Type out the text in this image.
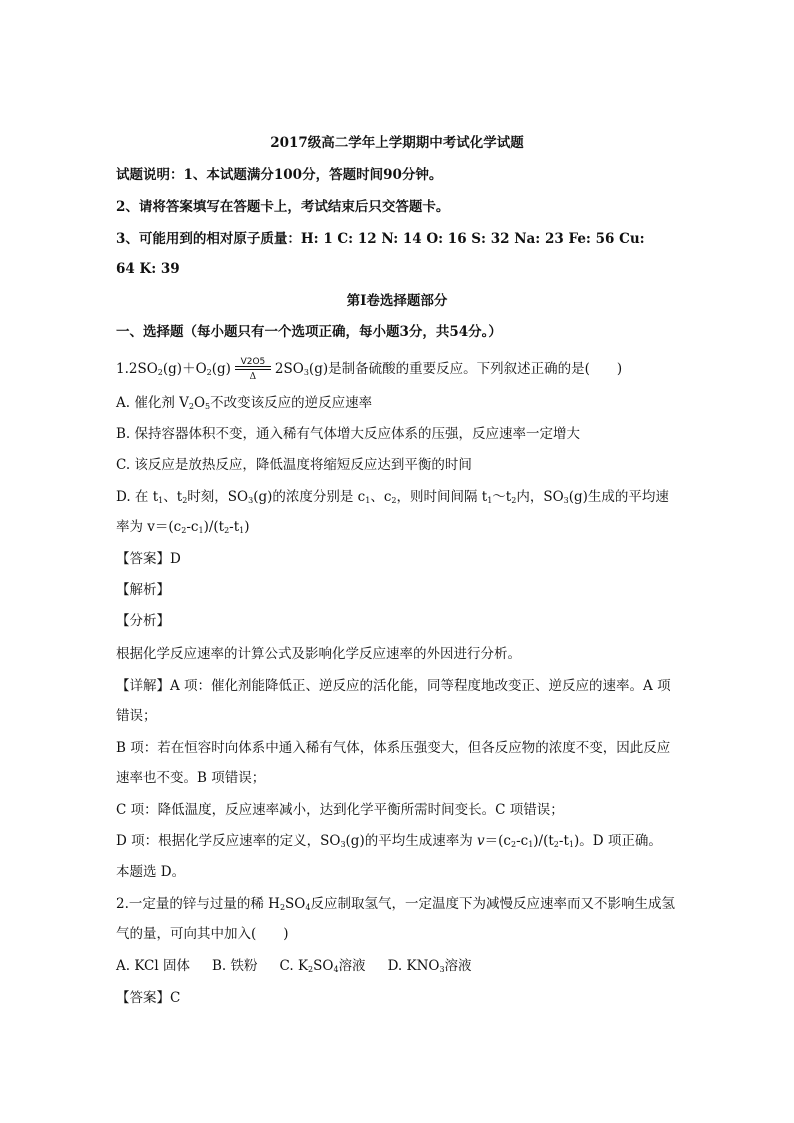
2017级高二学年上学期期中考试化学试题
试题说明：1、本试题满分100分，答题时间90分钟。
2、请将答案填写在答题卡上，考试结束后只交答题卡。
3、可能用到的相对原子质量：H: 1 C: 12 N: 14 O: 16 S: 32 Na: 23 Fe: 56 Cu:
64 K: 39
第Ⅰ卷选择题部分
一、选择题（每小题只有一个选项正确，每小题3分，共54分。）
$1.2SO_2(g)+O_2(g) \frac{V2O5}{\Delta} 2SO_3(g)$是制备硫酸的重要反应。下列叙述正确的是(　　)
A. 催化剂 $V_2O_5$不改变该反应的逆反应速率
B. 保持容器体积不变，通入稀有气体增大反应体系的压强，反应速率一定增大
C. 该反应是放热反应，降低温度将缩短反应达到平衡的时间
D. 在 $t_1$、$t_2$时刻，$SO_3(g)$的浓度分别是 $c_1$、$c_2$，则时间间隔 $t_1\sim t_2$内，$SO_3(g)$生成的平均速
率为 $v=(c_2-c_1)/(t_2-t_1)$
【答案】D
【解析】
【分析】
根据化学反应速率的计算公式及影响化学反应速率的外因进行分析。
【详解】A 项：催化剂能降低正、逆反应的活化能，同等程度地改变正、逆反应的速率。A 项
错误；
B 项：若在恒容时向体系中通入稀有气体，体系压强变大，但各反应物的浓度不变，因此反应
速率也不变。B 项错误；
C 项：降低温度，反应速率减小，达到化学平衡所需时间变长。C 项错误；
D 项：根据化学反应速率的定义，$SO_3(g)$的平均生成速率为 $v=(c_2-c_1)/(t_2-t_1)$。D 项正确。
本题选 D。
2.一定量的锌与过量的稀 $H_2SO_4$反应制取氢气，一定温度下为减慢反应速率而又不影响生成氢
气的量，可向其中加入(　　)
A. KCl 固体 B. 铁粉 C. $K_2SO_4$溶液 D. $KNO_3$溶液
【答案】C
